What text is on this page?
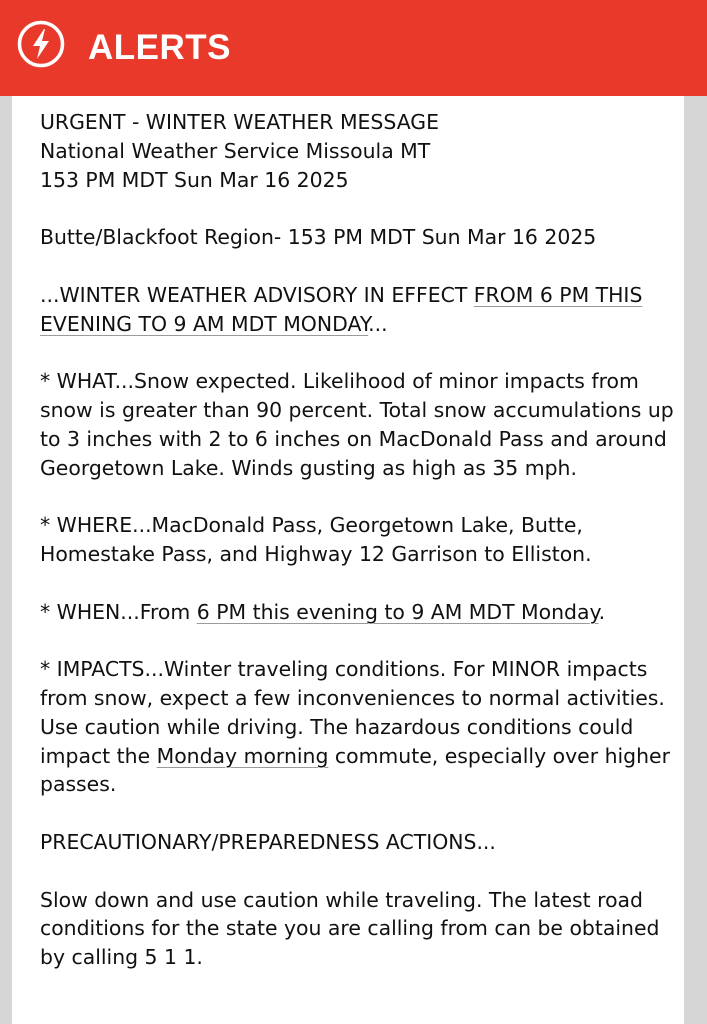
ALERTS

URGENT - WINTER WEATHER MESSAGE
National Weather Service Missoula MT
153 PM MDT Sun Mar 16 2025

Butte/Blackfoot Region- 153 PM MDT Sun Mar 16 2025

...WINTER WEATHER ADVISORY IN EFFECT FROM 6 PM THIS EVENING TO 9 AM MDT MONDAY...

* WHAT...Snow expected. Likelihood of minor impacts from snow is greater than 90 percent. Total snow accumulations up to 3 inches with 2 to 6 inches on MacDonald Pass and around Georgetown Lake. Winds gusting as high as 35 mph.

* WHERE...MacDonald Pass, Georgetown Lake, Butte, Homestake Pass, and Highway 12 Garrison to Elliston.

* WHEN...From 6 PM this evening to 9 AM MDT Monday.

* IMPACTS...Winter traveling conditions. For MINOR impacts from snow, expect a few inconveniences to normal activities. Use caution while driving. The hazardous conditions could impact the Monday morning commute, especially over higher passes.

PRECAUTIONARY/PREPAREDNESS ACTIONS...

Slow down and use caution while traveling. The latest road conditions for the state you are calling from can be obtained by calling 5 1 1.
